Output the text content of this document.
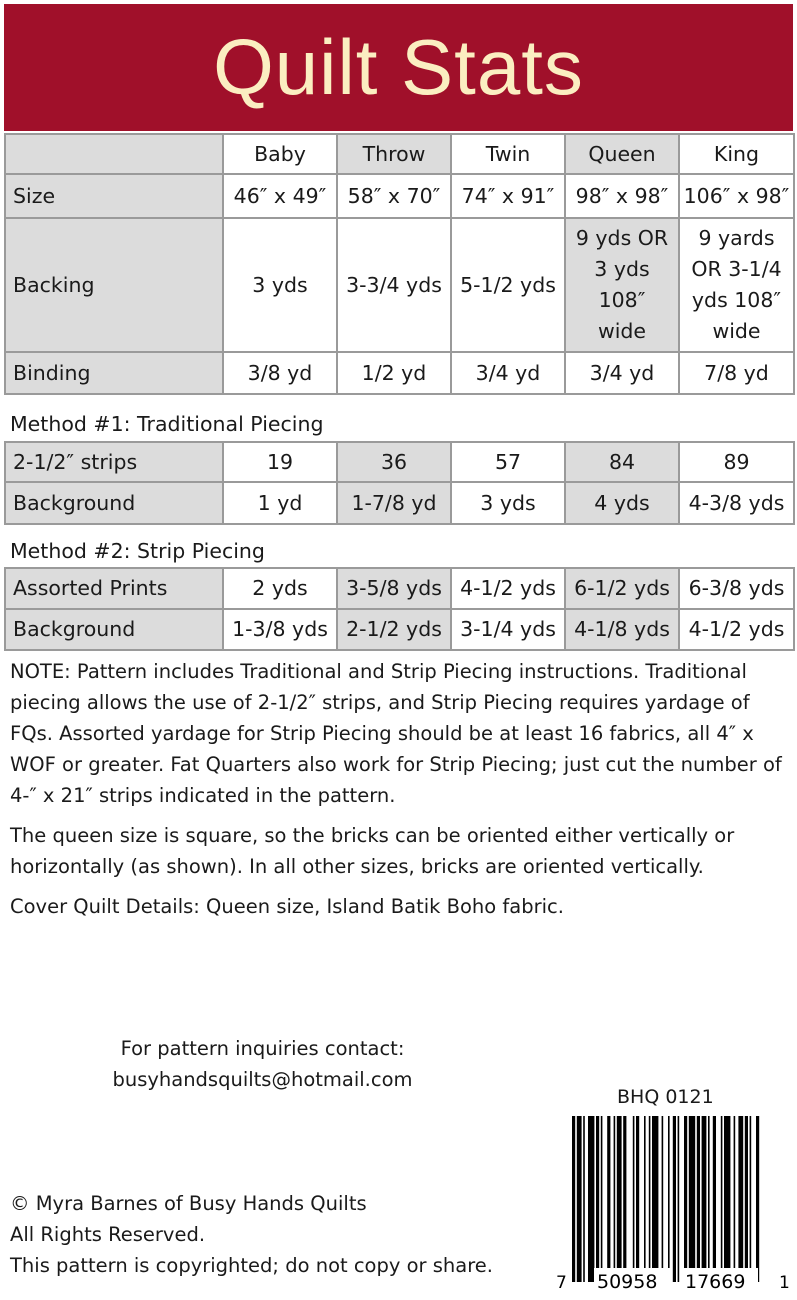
Quilt Stats
	Baby	Throw	Twin	Queen	King
Size	46″ x 49″	58″ x 70″	74″ x 91″	98″ x 98″	106″ x 98″
Backing	3 yds	3-3/4 yds	5-1/2 yds	9 yds OR 3 yds 108″ wide	9 yards OR 3-1/4 yds 108″ wide
Binding	3/8 yd	1/2 yd	3/4 yd	3/4 yd	7/8 yd
Method #1: Traditional Piecing
2-1/2″ strips	19	36	57	84	89
Background	1 yd	1-7/8 yd	3 yds	4 yds	4-3/8 yds
Method #2: Strip Piecing
Assorted Prints	2 yds	3-5/8 yds	4-1/2 yds	6-1/2 yds	6-3/8 yds
Background	1-3/8 yds	2-1/2 yds	3-1/4 yds	4-1/8 yds	4-1/2 yds

NOTE: Pattern includes Traditional and Strip Piecing instructions. Traditional piecing allows the use of 2-1/2″ strips, and Strip Piecing requires yardage of FQs. Assorted yardage for Strip Piecing should be at least 16 fabrics, all 4″ x WOF or greater. Fat Quarters also work for Strip Piecing; just cut the number of 4-″ x 21″ strips indicated in the pattern.

The queen size is square, so the bricks can be oriented either vertically or horizontally (as shown). In all other sizes, bricks are oriented vertically.

Cover Quilt Details: Queen size, Island Batik Boho fabric.

For pattern inquiries contact:
busyhandsquilts@hotmail.com
BHQ 0121
7 50958 17669 1
© Myra Barnes of Busy Hands Quilts
All Rights Reserved.
This pattern is copyrighted; do not copy or share.
